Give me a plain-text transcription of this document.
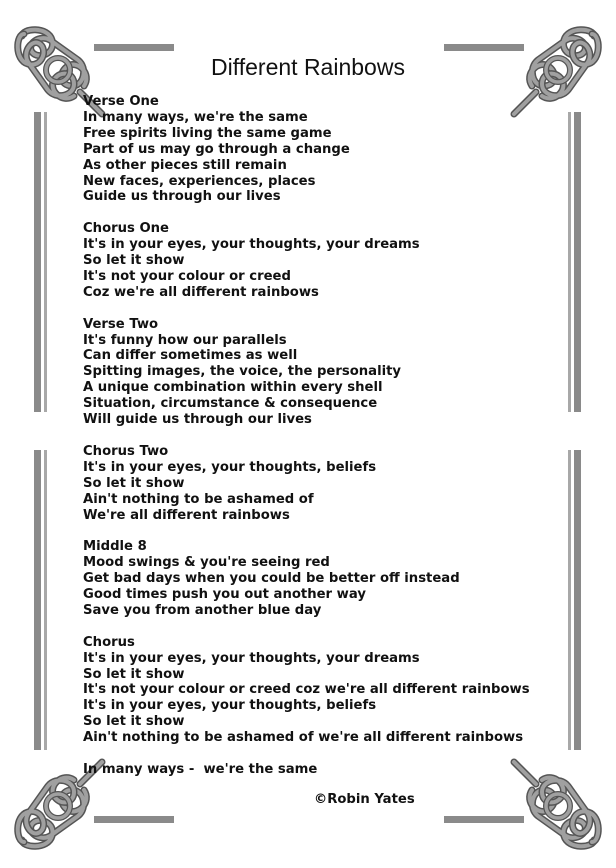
Different Rainbows
Verse One
In many ways, we're the same
Free spirits living the same game
Part of us may go through a change
As other pieces still remain
New faces, experiences, places
Guide us through our lives
Chorus One
It's in your eyes, your thoughts, your dreams
So let it show
It's not your colour or creed
Coz we're all different rainbows
Verse Two
It's funny how our parallels
Can differ sometimes as well
Spitting images, the voice, the personality
A unique combination within every shell
Situation, circumstance & consequence
Will guide us through our lives
Chorus Two
It's in your eyes, your thoughts, beliefs
So let it show
Ain't nothing to be ashamed of
We're all different rainbows
Middle 8
Mood swings & you're seeing red
Get bad days when you could be better off instead
Good times push you out another way
Save you from another blue day
Chorus
It's in your eyes, your thoughts, your dreams
So let it show
It's not your colour or creed coz we're all different rainbows
It's in your eyes, your thoughts, beliefs
So let it show
Ain't nothing to be ashamed of we're all different rainbows
In many ways -  we're the same
©Robin Yates
